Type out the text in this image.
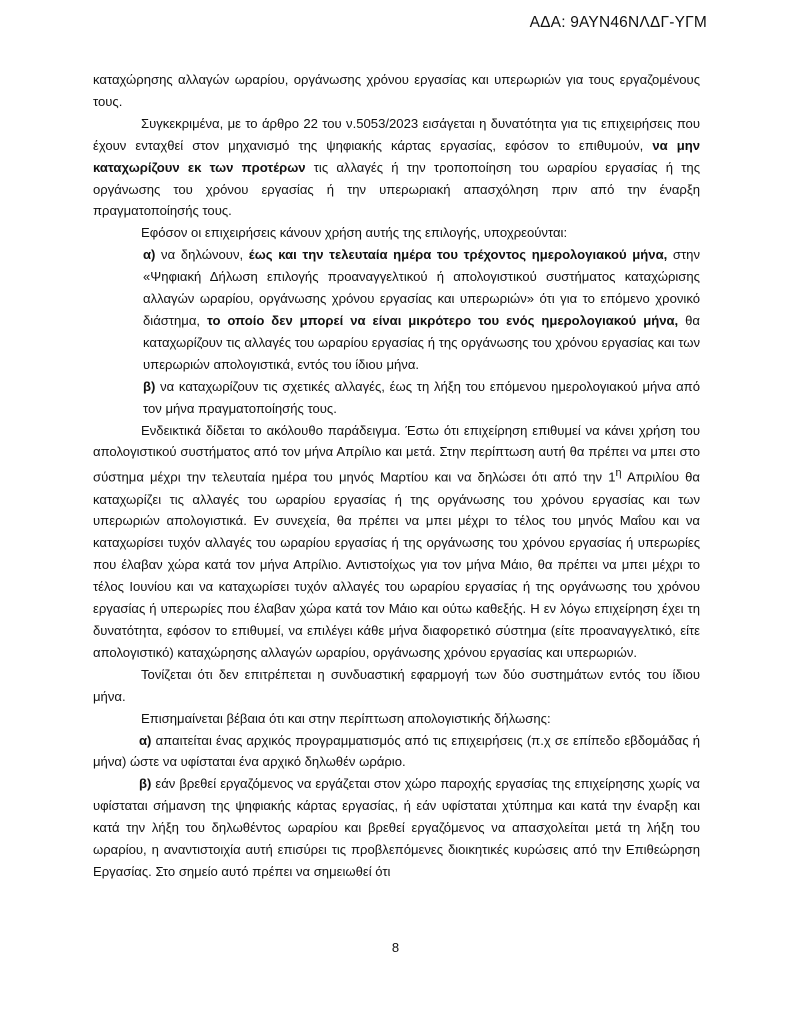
ΑΔΑ: 9ΑΥΝ46ΝΛΔΓ-ΥΓΜ

καταχώρησης αλλαγών ωραρίου, οργάνωσης χρόνου εργασίας και υπερωριών για τους εργαζομένους τους.

Συγκεκριμένα, με το άρθρο 22 του ν.5053/2023 εισάγεται η δυνατότητα για τις επιχειρήσεις που έχουν ενταχθεί στον μηχανισμό της ψηφιακής κάρτας εργασίας, εφόσον το επιθυμούν, να μην καταχωρίζουν εκ των προτέρων τις αλλαγές ή την τροποποίηση του ωραρίου εργασίας ή της οργάνωσης του χρόνου εργασίας ή την υπερωριακή απασχόληση πριν από την έναρξη πραγματοποίησής τους.

Εφόσον οι επιχειρήσεις κάνουν χρήση αυτής της επιλογής, υποχρεούνται:

α) να δηλώνουν, έως και την τελευταία ημέρα του τρέχοντος ημερολογιακού μήνα, στην «Ψηφιακή Δήλωση επιλογής προαναγγελτικού ή απολογιστικού συστήματος καταχώρισης αλλαγών ωραρίου, οργάνωσης χρόνου εργασίας και υπερωριών» ότι για το επόμενο χρονικό διάστημα, το οποίο δεν μπορεί να είναι μικρότερο του ενός ημερολογιακού μήνα, θα καταχωρίζουν τις αλλαγές του ωραρίου εργασίας ή της οργάνωσης του χρόνου εργασίας και των υπερωριών απολογιστικά, εντός του ίδιου μήνα.

β) να καταχωρίζουν τις σχετικές αλλαγές, έως τη λήξη του επόμενου ημερολογιακού μήνα από τον μήνα πραγματοποίησής τους.

Ενδεικτικά δίδεται το ακόλουθο παράδειγμα. Έστω ότι επιχείρηση επιθυμεί να κάνει χρήση του απολογιστικού συστήματος από τον μήνα Απρίλιο και μετά. Στην περίπτωση αυτή θα πρέπει να μπει στο σύστημα μέχρι την τελευταία ημέρα του μηνός Μαρτίου και να δηλώσει ότι από την $1^\eta$ Απριλίου θα καταχωρίζει τις αλλαγές του ωραρίου εργασίας ή της οργάνωσης του χρόνου εργασίας και των υπερωριών απολογιστικά. Εν συνεχεία, θα πρέπει να μπει μέχρι το τέλος του μηνός Μαΐου και να καταχωρίσει τυχόν αλλαγές του ωραρίου εργασίας ή της οργάνωσης του χρόνου εργασίας ή υπερωρίες που έλαβαν χώρα κατά τον μήνα Απρίλιο. Αντιστοίχως για τον μήνα Μάιο, θα πρέπει να μπει μέχρι το τέλος Ιουνίου και να καταχωρίσει τυχόν αλλαγές του ωραρίου εργασίας ή της οργάνωσης του χρόνου εργασίας ή υπερωρίες που έλαβαν χώρα κατά τον Μάιο και ούτω καθεξής. Η εν λόγω επιχείρηση έχει τη δυνατότητα, εφόσον το επιθυμεί, να επιλέγει κάθε μήνα διαφορετικό σύστημα (είτε προαναγγελτικό, είτε απολογιστικό) καταχώρησης αλλαγών ωραρίου, οργάνωσης χρόνου εργασίας και υπερωριών.

Τονίζεται ότι δεν επιτρέπεται η συνδυαστική εφαρμογή των δύο συστημάτων εντός του ίδιου μήνα.

Επισημαίνεται βέβαια ότι και στην περίπτωση απολογιστικής δήλωσης:

α) απαιτείται ένας αρχικός προγραμματισμός από τις επιχειρήσεις (π.χ σε επίπεδο εβδομάδας ή μήνα) ώστε να υφίσταται ένα αρχικό δηλωθέν ωράριο.

β) εάν βρεθεί εργαζόμενος να εργάζεται στον χώρο παροχής εργασίας της επιχείρησης χωρίς να υφίσταται σήμανση της ψηφιακής κάρτας εργασίας, ή εάν υφίσταται χτύπημα και κατά την έναρξη και κατά την λήξη του δηλωθέντος ωραρίου και βρεθεί εργαζόμενος να απασχολείται μετά τη λήξη του ωραρίου, η αναντιστοιχία αυτή επισύρει τις προβλεπόμενες διοικητικές κυρώσεις από την Επιθεώρηση Εργασίας. Στο σημείο αυτό πρέπει να σημειωθεί ότι

8
